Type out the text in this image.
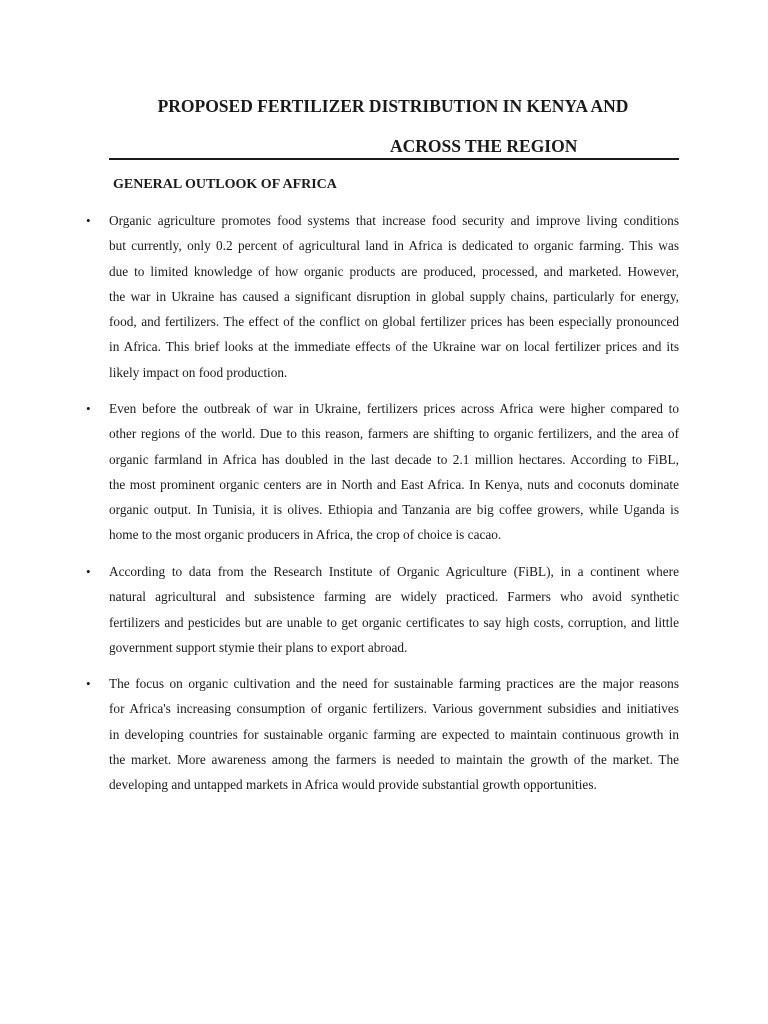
PROPOSED FERTILIZER DISTRIBUTION IN KENYA AND
ACROSS THE REGION
GENERAL OUTLOOK OF AFRICA
• Organic agriculture promotes food systems that increase food security and improve living conditions
but currently, only 0.2 percent of agricultural land in Africa is dedicated to organic farming. This was
due to limited knowledge of how organic products are produced, processed, and marketed. However,
the war in Ukraine has caused a significant disruption in global supply chains, particularly for energy,
food, and fertilizers. The effect of the conflict on global fertilizer prices has been especially pronounced
in Africa. This brief looks at the immediate effects of the Ukraine war on local fertilizer prices and its
likely impact on food production.
• Even before the outbreak of war in Ukraine, fertilizers prices across Africa were higher compared to
other regions of the world. Due to this reason, farmers are shifting to organic fertilizers, and the area of
organic farmland in Africa has doubled in the last decade to 2.1 million hectares. According to FiBL,
the most prominent organic centers are in North and East Africa. In Kenya, nuts and coconuts dominate
organic output. In Tunisia, it is olives. Ethiopia and Tanzania are big coffee growers, while Uganda is
home to the most organic producers in Africa, the crop of choice is cacao.
• According to data from the Research Institute of Organic Agriculture (FiBL), in a continent where
natural agricultural and subsistence farming are widely practiced. Farmers who avoid synthetic
fertilizers and pesticides but are unable to get organic certificates to say high costs, corruption, and little
government support stymie their plans to export abroad.
• The focus on organic cultivation and the need for sustainable farming practices are the major reasons
for Africa's increasing consumption of organic fertilizers. Various government subsidies and initiatives
in developing countries for sustainable organic farming are expected to maintain continuous growth in
the market. More awareness among the farmers is needed to maintain the growth of the market. The
developing and untapped markets in Africa would provide substantial growth opportunities.
